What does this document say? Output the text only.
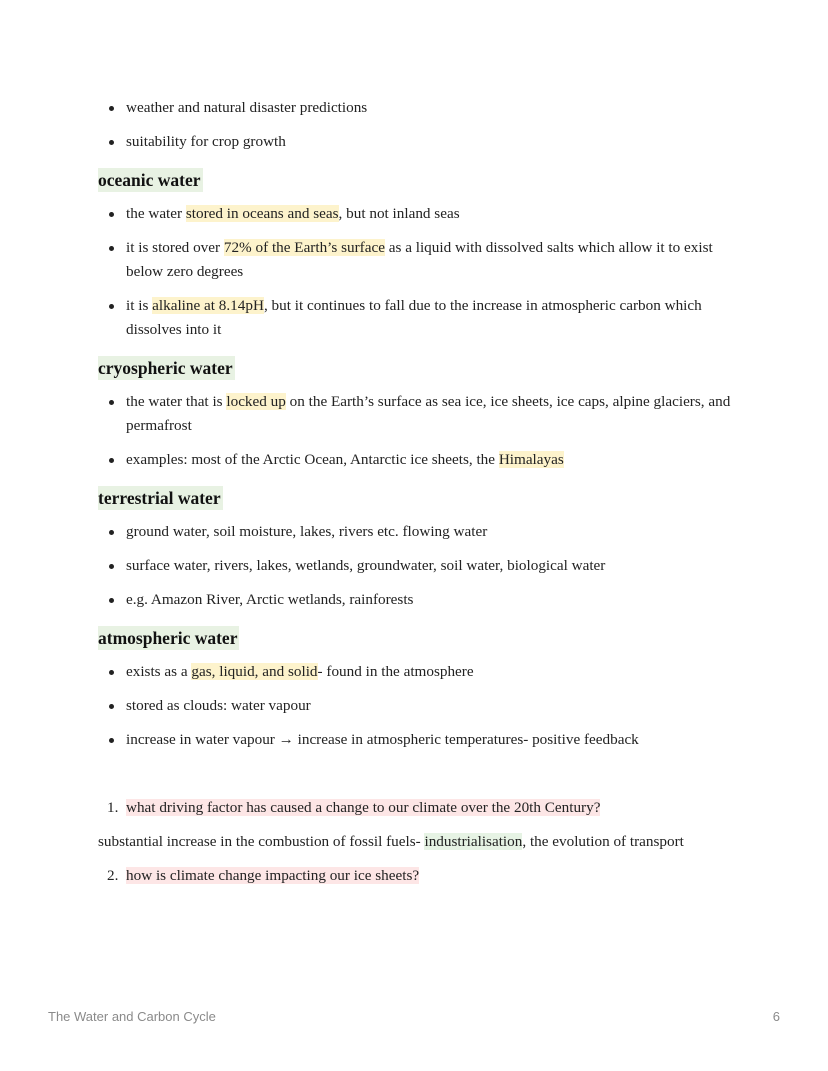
weather and natural disaster predictions
suitability for crop growth
oceanic water
the water stored in oceans and seas, but not inland seas
it is stored over 72% of the Earth’s surface as a liquid with dissolved salts which allow it to exist below zero degrees
it is alkaline at 8.14pH, but it continues to fall due to the increase in atmospheric carbon which dissolves into it
cryospheric water
the water that is locked up on the Earth’s surface as sea ice, ice sheets, ice caps, alpine glaciers, and permafrost
examples: most of the Arctic Ocean, Antarctic ice sheets, the Himalayas
terrestrial water
ground water, soil moisture, lakes, rivers etc. flowing water
surface water, rivers, lakes, wetlands, groundwater, soil water, biological water
e.g. Amazon River, Arctic wetlands, rainforests
atmospheric water
exists as a gas, liquid, and solid- found in the atmosphere
stored as clouds: water vapour
increase in water vapour → increase in atmospheric temperatures- positive feedback
1. what driving factor has caused a change to our climate over the 20th Century?
substantial increase in the combustion of fossil fuels- industrialisation, the evolution of transport
2. how is climate change impacting our ice sheets?
The Water and Carbon Cycle	6
